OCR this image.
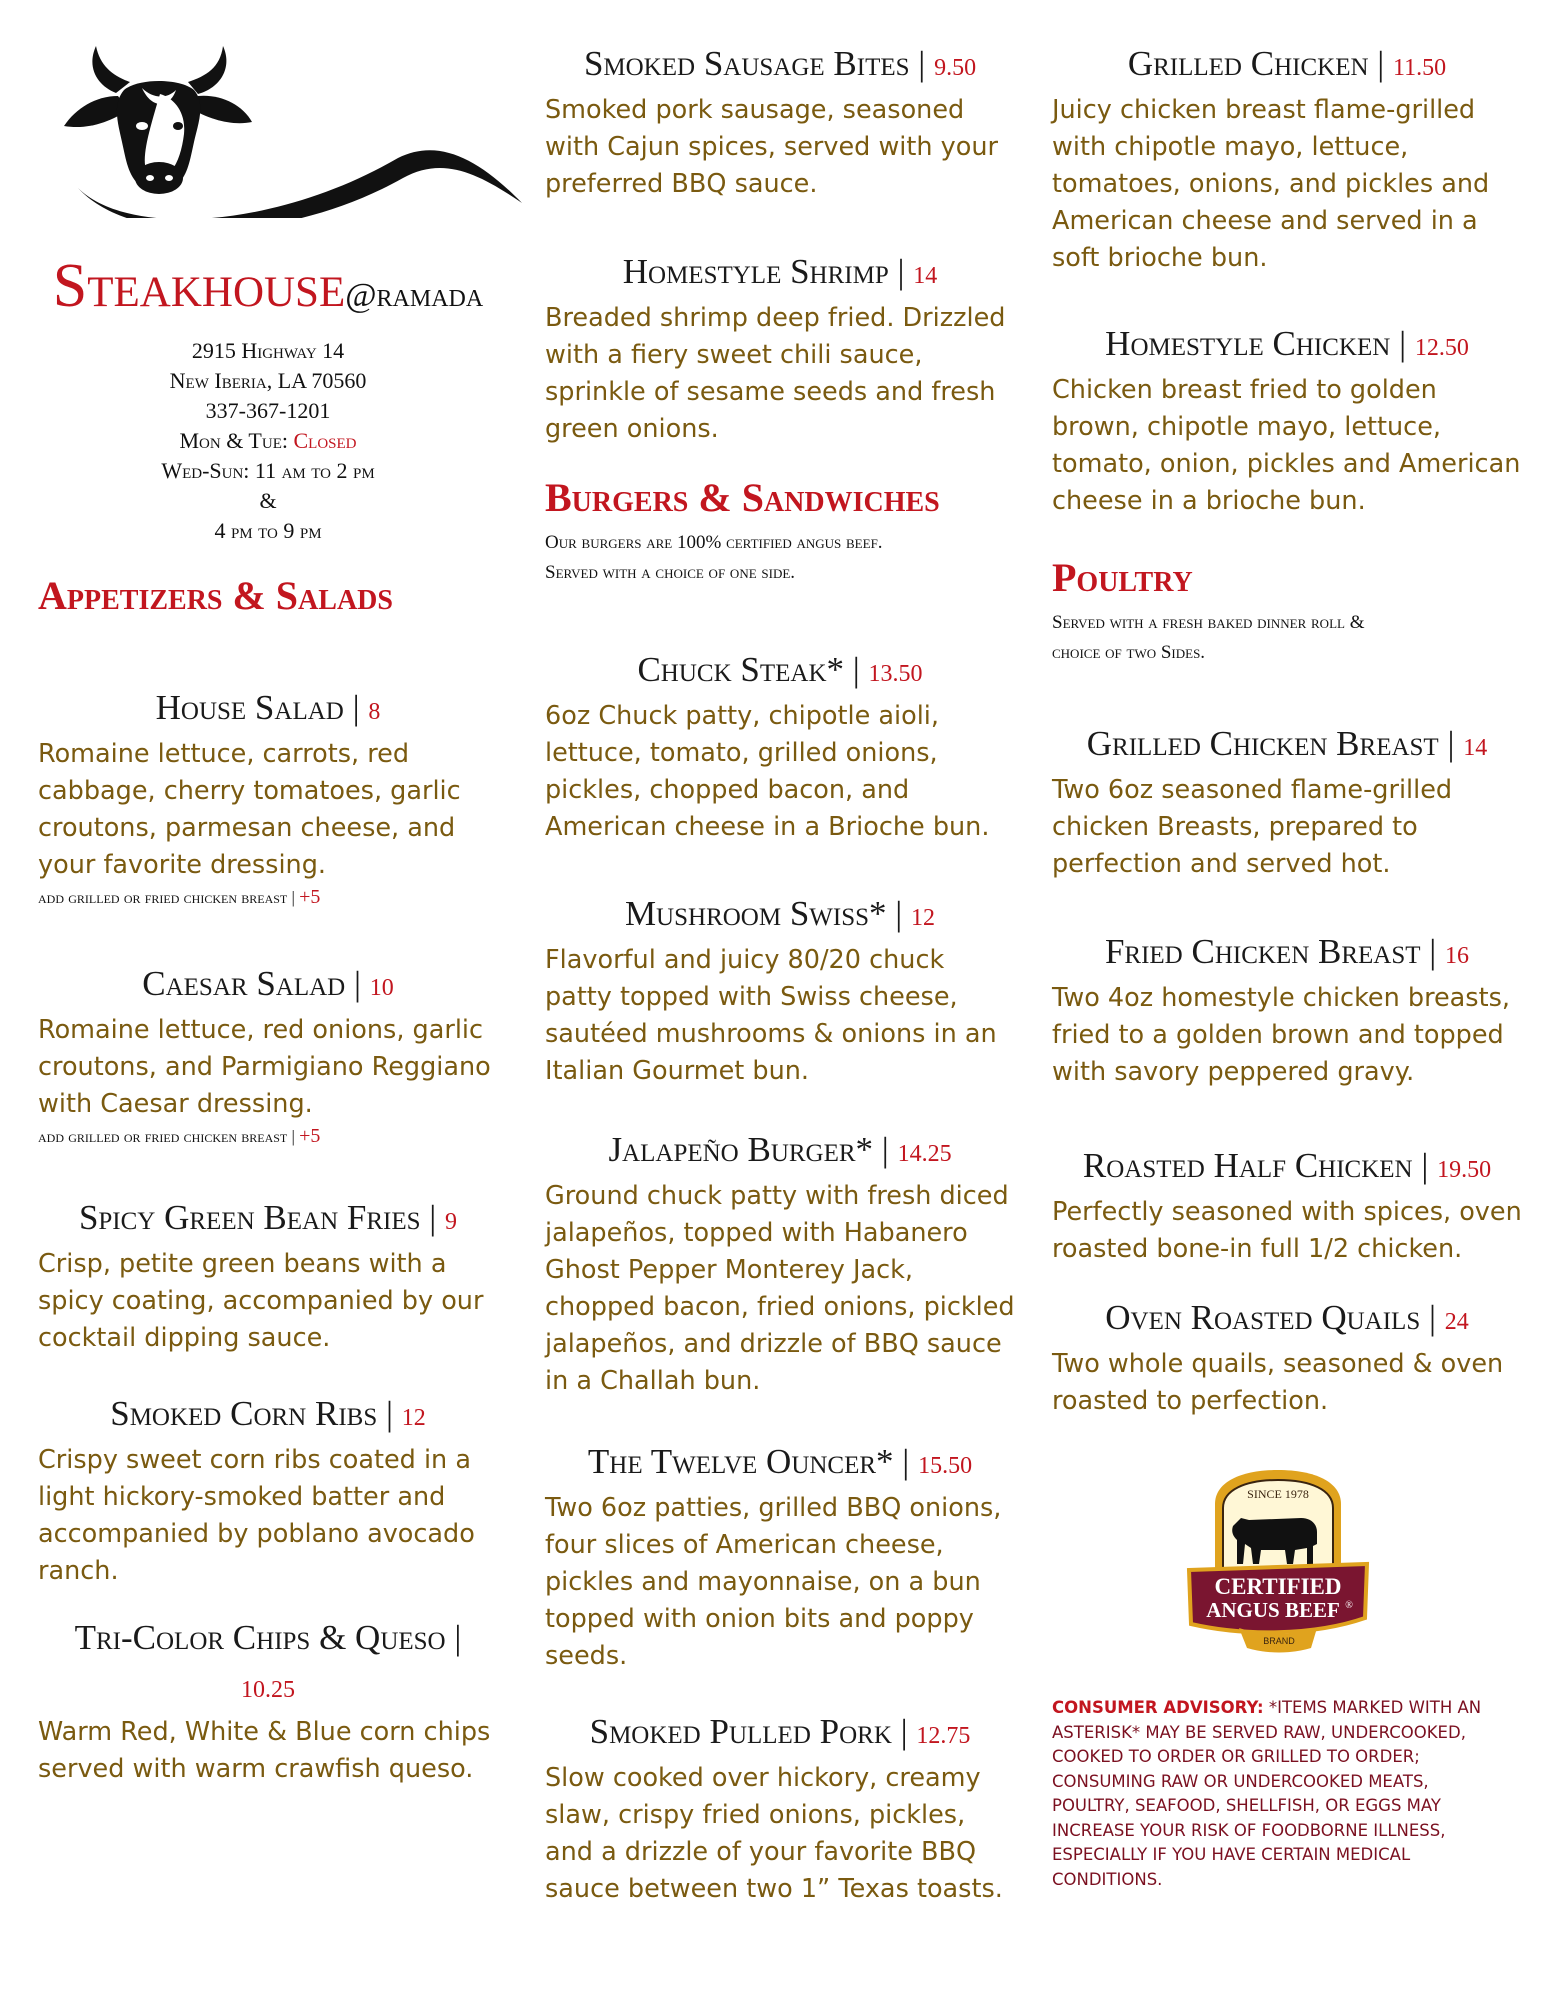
Steakhouse@ramada
2915 Highway 14
New Iberia, LA 70560
337-367-1201
Mon & Tue: Closed
Wed-Sun: 11 am to 2 pm
&
4 pm to 9 pm
Appetizers & Salads
House Salad | 8
Romaine lettuce, carrots, red cabbage, cherry tomatoes, garlic croutons, parmesan cheese, and your favorite dressing.
add grilled or fried chicken breast | +5
Caesar Salad | 10
Romaine lettuce, red onions, garlic croutons, and Parmigiano Reggiano with Caesar dressing.
add grilled or fried chicken breast | +5
Spicy Green Bean Fries | 9
Crisp, petite green beans with a spicy coating, accompanied by our cocktail dipping sauce.
Smoked Corn Ribs | 12
Crispy sweet corn ribs coated in a light hickory-smoked batter and accompanied by poblano avocado ranch.
Tri-Color Chips & Queso | 10.25
Warm Red, White & Blue corn chips served with warm crawfish queso.
Smoked Sausage Bites | 9.50
Smoked pork sausage, seasoned with Cajun spices, served with your preferred BBQ sauce.
Homestyle Shrimp | 14
Breaded shrimp deep fried. Drizzled with a fiery sweet chili sauce, sprinkle of sesame seeds and fresh green onions.
Burgers & Sandwiches
Our burgers are 100% certified angus beef.
Served with a choice of one side.
Chuck Steak* | 13.50
6oz Chuck patty, chipotle aioli, lettuce, tomato, grilled onions, pickles, chopped bacon, and American cheese in a Brioche bun.
Mushroom Swiss* | 12
Flavorful and juicy 80/20 chuck patty topped with Swiss cheese, sautéed mushrooms & onions in an Italian Gourmet bun.
Jalapeño Burger* | 14.25
Ground chuck patty with fresh diced jalapeños, topped with Habanero Ghost Pepper Monterey Jack, chopped bacon, fried onions, pickled jalapeños, and drizzle of BBQ sauce in a Challah bun.
The Twelve Ouncer* | 15.50
Two 6oz patties, grilled BBQ onions, four slices of American cheese, pickles and mayonnaise, on a bun topped with onion bits and poppy seeds.
Smoked Pulled Pork | 12.75
Slow cooked over hickory, creamy slaw, crispy fried onions, pickles, and a drizzle of your favorite BBQ sauce between two 1” Texas toasts.
Grilled Chicken | 11.50
Juicy chicken breast flame-grilled with chipotle mayo, lettuce, tomatoes, onions, and pickles and American cheese and served in a soft brioche bun.
Homestyle Chicken | 12.50
Chicken breast fried to golden brown, chipotle mayo, lettuce, tomato, onion, pickles and American cheese in a brioche bun.
Poultry
Served with a fresh baked dinner roll &
choice of two Sides.
Grilled Chicken Breast | 14
Two 6oz seasoned flame-grilled chicken Breasts, prepared to perfection and served hot.
Fried Chicken Breast | 16
Two 4oz homestyle chicken breasts, fried to a golden brown and topped with savory peppered gravy.
Roasted Half Chicken | 19.50
Perfectly seasoned with spices, oven roasted bone-in full 1/2 chicken.
Oven Roasted Quails | 24
Two whole quails, seasoned & oven roasted to perfection.
SINCE 1978
CERTIFIED
ANGUS BEEF ®
BRAND
CONSUMER ADVISORY: *ITEMS MARKED WITH AN ASTERISK* MAY BE SERVED RAW, UNDERCOOKED, COOKED TO ORDER OR GRILLED TO ORDER; CONSUMING RAW OR UNDERCOOKED MEATS, POULTRY, SEAFOOD, SHELLFISH, OR EGGS MAY INCREASE YOUR RISK OF FOODBORNE ILLNESS, ESPECIALLY IF YOU HAVE CERTAIN MEDICAL CONDITIONS.
